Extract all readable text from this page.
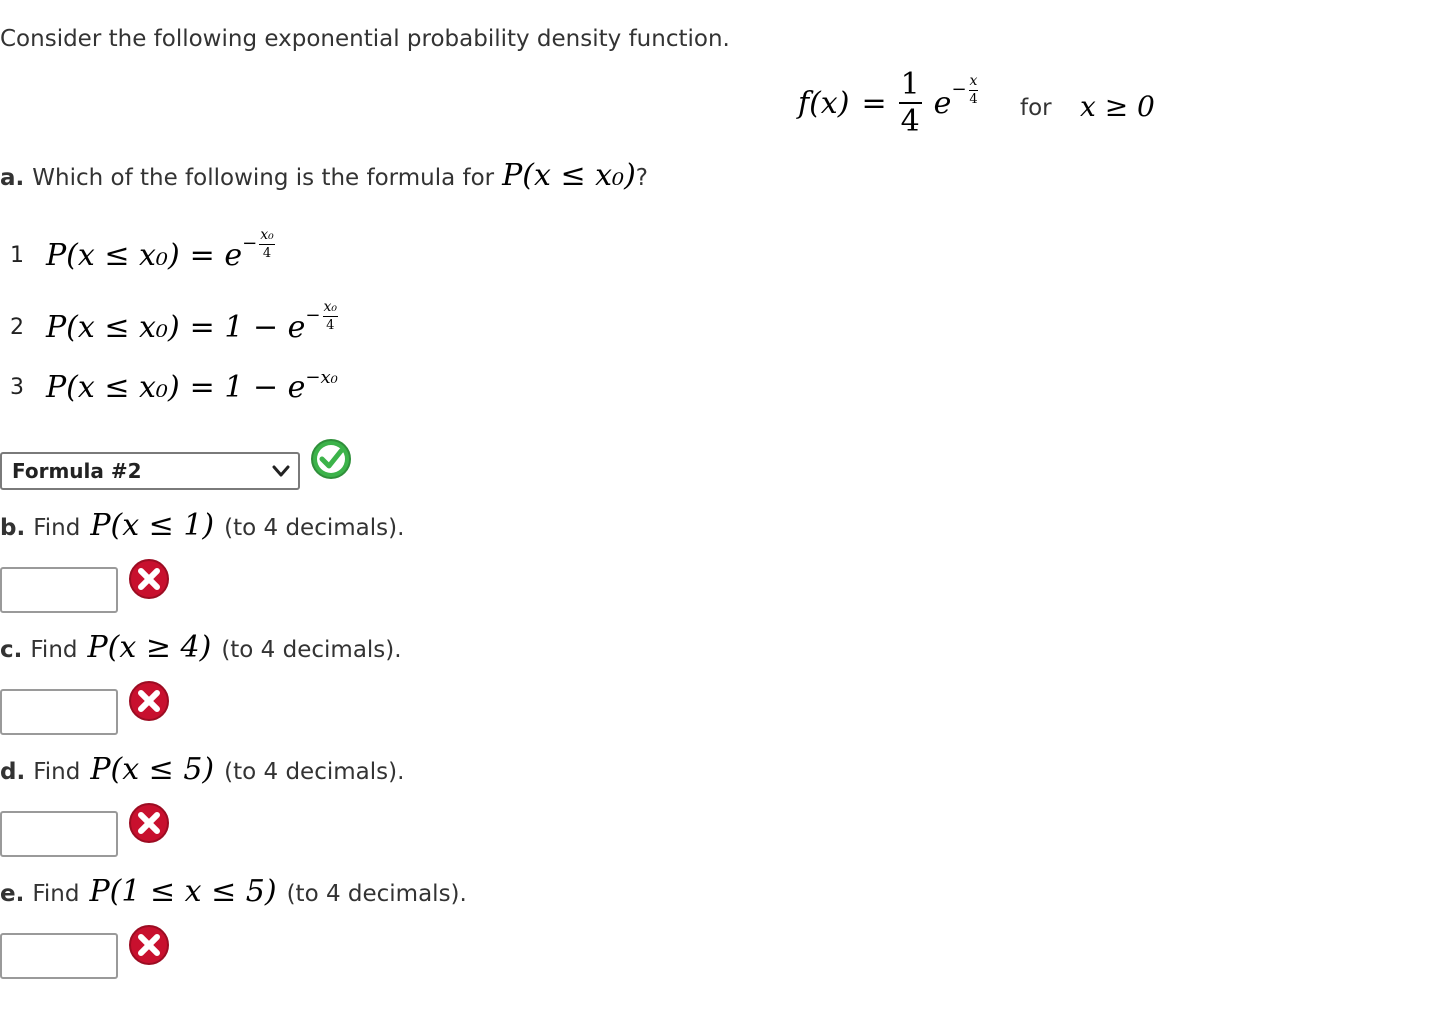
Consider the following exponential probability density function.
$f(x) = \frac{1}{4}$ $e - \frac{x}{4}$
for x ≥ 0
a. Which of the following is the formula for P(x ≤ x₀) ?
1 $P(x \le x_0) = e - \frac{\text{x₀}}{4}$
2 $P(x \le x_0) = 1 - e - \frac{\text{x₀}}{4}$
3 P(x ≤ x₀) = 1 − e −x₀
Formula #2
b. Find P(x ≤ 1) (to 4 decimals).
c. Find P(x ≥ 4) (to 4 decimals).
d. Find P(x ≤ 5) (to 4 decimals).
e. Find P(1 ≤ x ≤ 5) (to 4 decimals).
